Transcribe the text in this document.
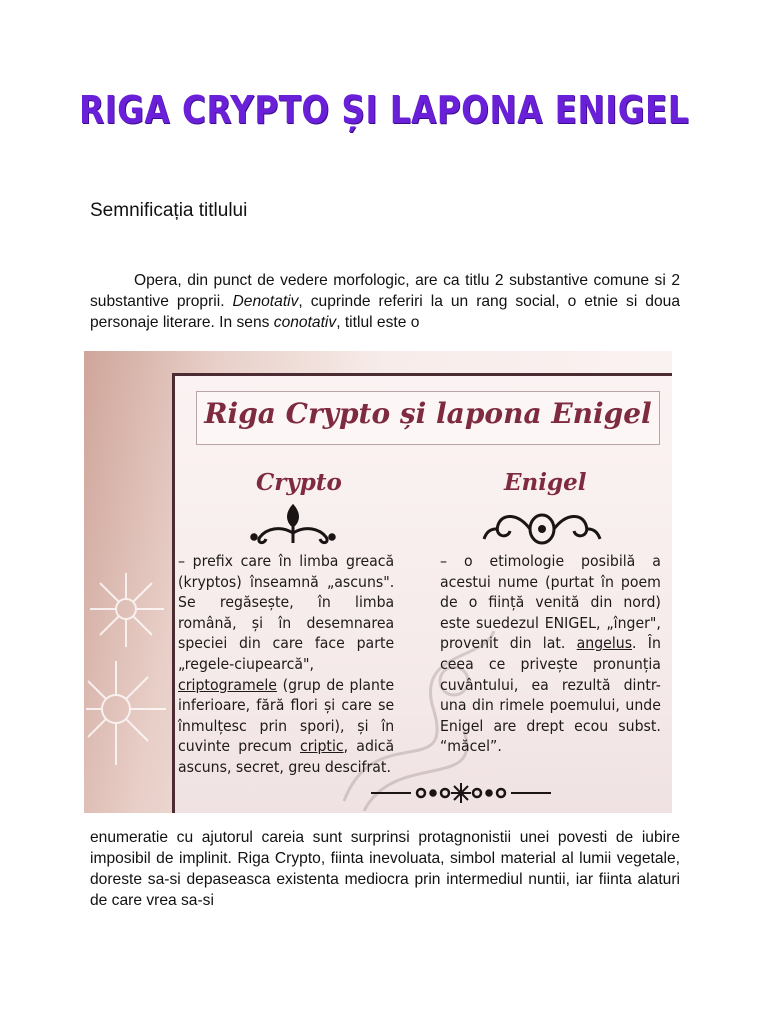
RIGA CRYPTO ȘI LAPONA ENIGEL
Semnificația titlului

Opera, din punct de vedere morfologic, are ca titlu 2 substantive comune si 2 substantive proprii. Denotativ, cuprinde referiri la un rang social, o etnie si doua personaje literare. In sens conotativ, titlul este o

Riga Crypto și lapona Enigel
Crypto	Enigel

– prefix care în limba greacă (kryptos) înseamnă „ascuns". Se regăsește, în limba română, și în desemnarea speciei din care face parte „regele-ciupearcă", criptogramele (grup de plante inferioare, fără flori și care se înmulțesc prin spori), și în cuvinte precum criptic, adică ascuns, secret, greu descifrat.

– o etimologie posibilă a acestui nume (purtat în poem de o ființă venită din nord) este suedezul ENIGEL, „înger", provenit din lat. angelus. În ceea ce privește pronunția cuvântului, ea rezultă dintr-una din rimele poemului, unde Enigel are drept ecou subst. “măcel”.

enumeratie cu ajutorul careia sunt surprinsi protagnonistii unei povesti de iubire imposibil de implinit. Riga Crypto, fiinta inevoluata, simbol material al lumii vegetale, doreste sa-si depaseasca existenta mediocra prin intermediul nuntii, iar fiinta alaturi de care vrea sa-si
